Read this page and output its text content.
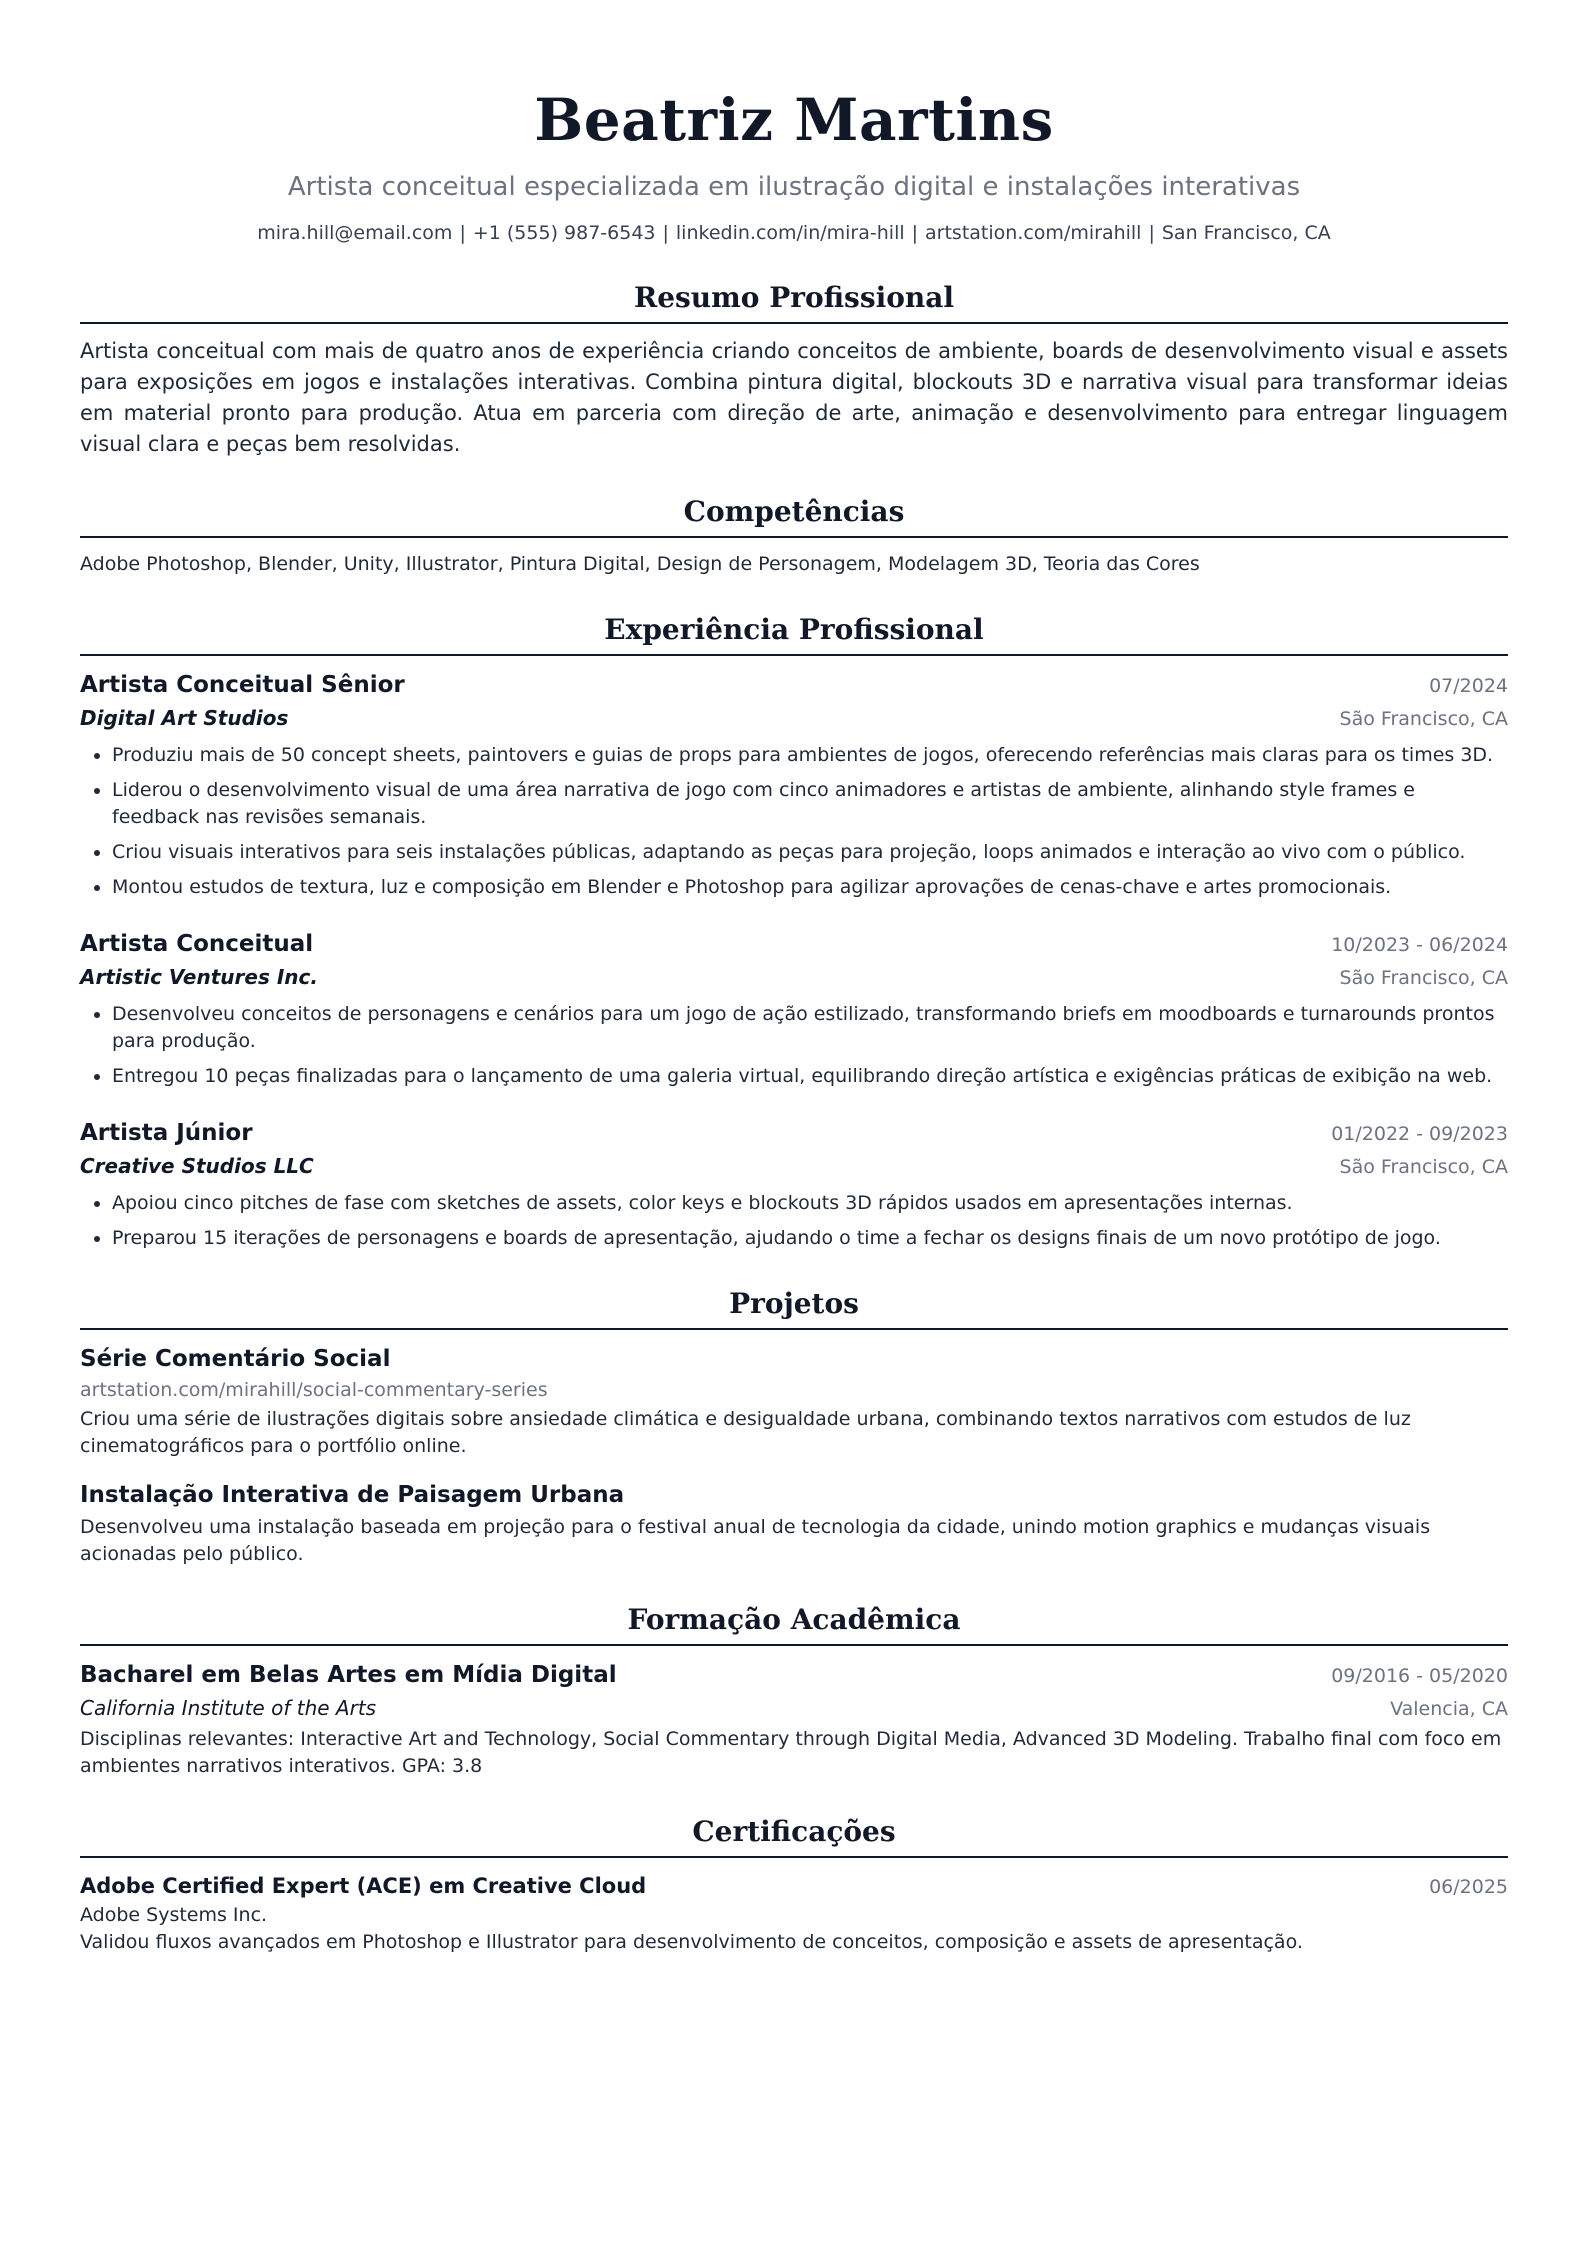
Beatriz Martins
Artista conceitual especializada em ilustração digital e instalações interativas
mira.hill@email.com | +1 (555) 987-6543 | linkedin.com/in/mira-hill | artstation.com/mirahill | San Francisco, CA
Resumo Profissional

Artista conceitual com mais de quatro anos de experiência criando conceitos de ambiente, boards de desenvolvimento visual e assets para exposições em jogos e instalações interativas. Combina pintura digital, blockouts 3D e narrativa visual para transformar ideias em material pronto para produção. Atua em parceria com direção de arte, animação e desenvolvimento para entregar linguagem visual clara e peças bem resolvidas.

Competências

Adobe Photoshop, Blender, Unity, Illustrator, Pintura Digital, Design de Personagem, Modelagem 3D, Teoria das Cores

Experiência Profissional
Artista Conceitual Sênior	07/2024
Digital Art Studios	São Francisco, CA
• Produziu mais de 50 concept sheets, paintovers e guias de props para ambientes de jogos, oferecendo referências mais claras para os times 3D.
• Liderou o desenvolvimento visual de uma área narrativa de jogo com cinco animadores e artistas de ambiente, alinhando style frames e feedback nas revisões semanais.
• Criou visuais interativos para seis instalações públicas, adaptando as peças para projeção, loops animados e interação ao vivo com o público.
• Montou estudos de textura, luz e composição em Blender e Photoshop para agilizar aprovações de cenas-chave e artes promocionais.
Artista Conceitual	10/2023 - 06/2024
Artistic Ventures Inc.	São Francisco, CA
• Desenvolveu conceitos de personagens e cenários para um jogo de ação estilizado, transformando briefs em moodboards e turnarounds prontos para produção.
• Entregou 10 peças finalizadas para o lançamento de uma galeria virtual, equilibrando direção artística e exigências práticas de exibição na web.
Artista Júnior	01/2022 - 09/2023
Creative Studios LLC	São Francisco, CA
• Apoiou cinco pitches de fase com sketches de assets, color keys e blockouts 3D rápidos usados em apresentações internas.
• Preparou 15 iterações de personagens e boards de apresentação, ajudando o time a fechar os designs finais de um novo protótipo de jogo.
Projetos
Série Comentário Social
artstation.com/mirahill/social-commentary-series

Criou uma série de ilustrações digitais sobre ansiedade climática e desigualdade urbana, combinando textos narrativos com estudos de luz cinematográficos para o portfólio online.

Instalação Interativa de Paisagem Urbana

Desenvolveu uma instalação baseada em projeção para o festival anual de tecnologia da cidade, unindo motion graphics e mudanças visuais acionadas pelo público.

Formação Acadêmica
Bacharel em Belas Artes em Mídia Digital	09/2016 - 05/2020
California Institute of the Arts	Valencia, CA

Disciplinas relevantes: Interactive Art and Technology, Social Commentary through Digital Media, Advanced 3D Modeling. Trabalho final com foco em ambientes narrativos interativos. GPA: 3.8

Certificações
Adobe Certified Expert (ACE) em Creative Cloud	06/2025
Adobe Systems Inc.
Validou fluxos avançados em Photoshop e Illustrator para desenvolvimento de conceitos, composição e assets de apresentação.
